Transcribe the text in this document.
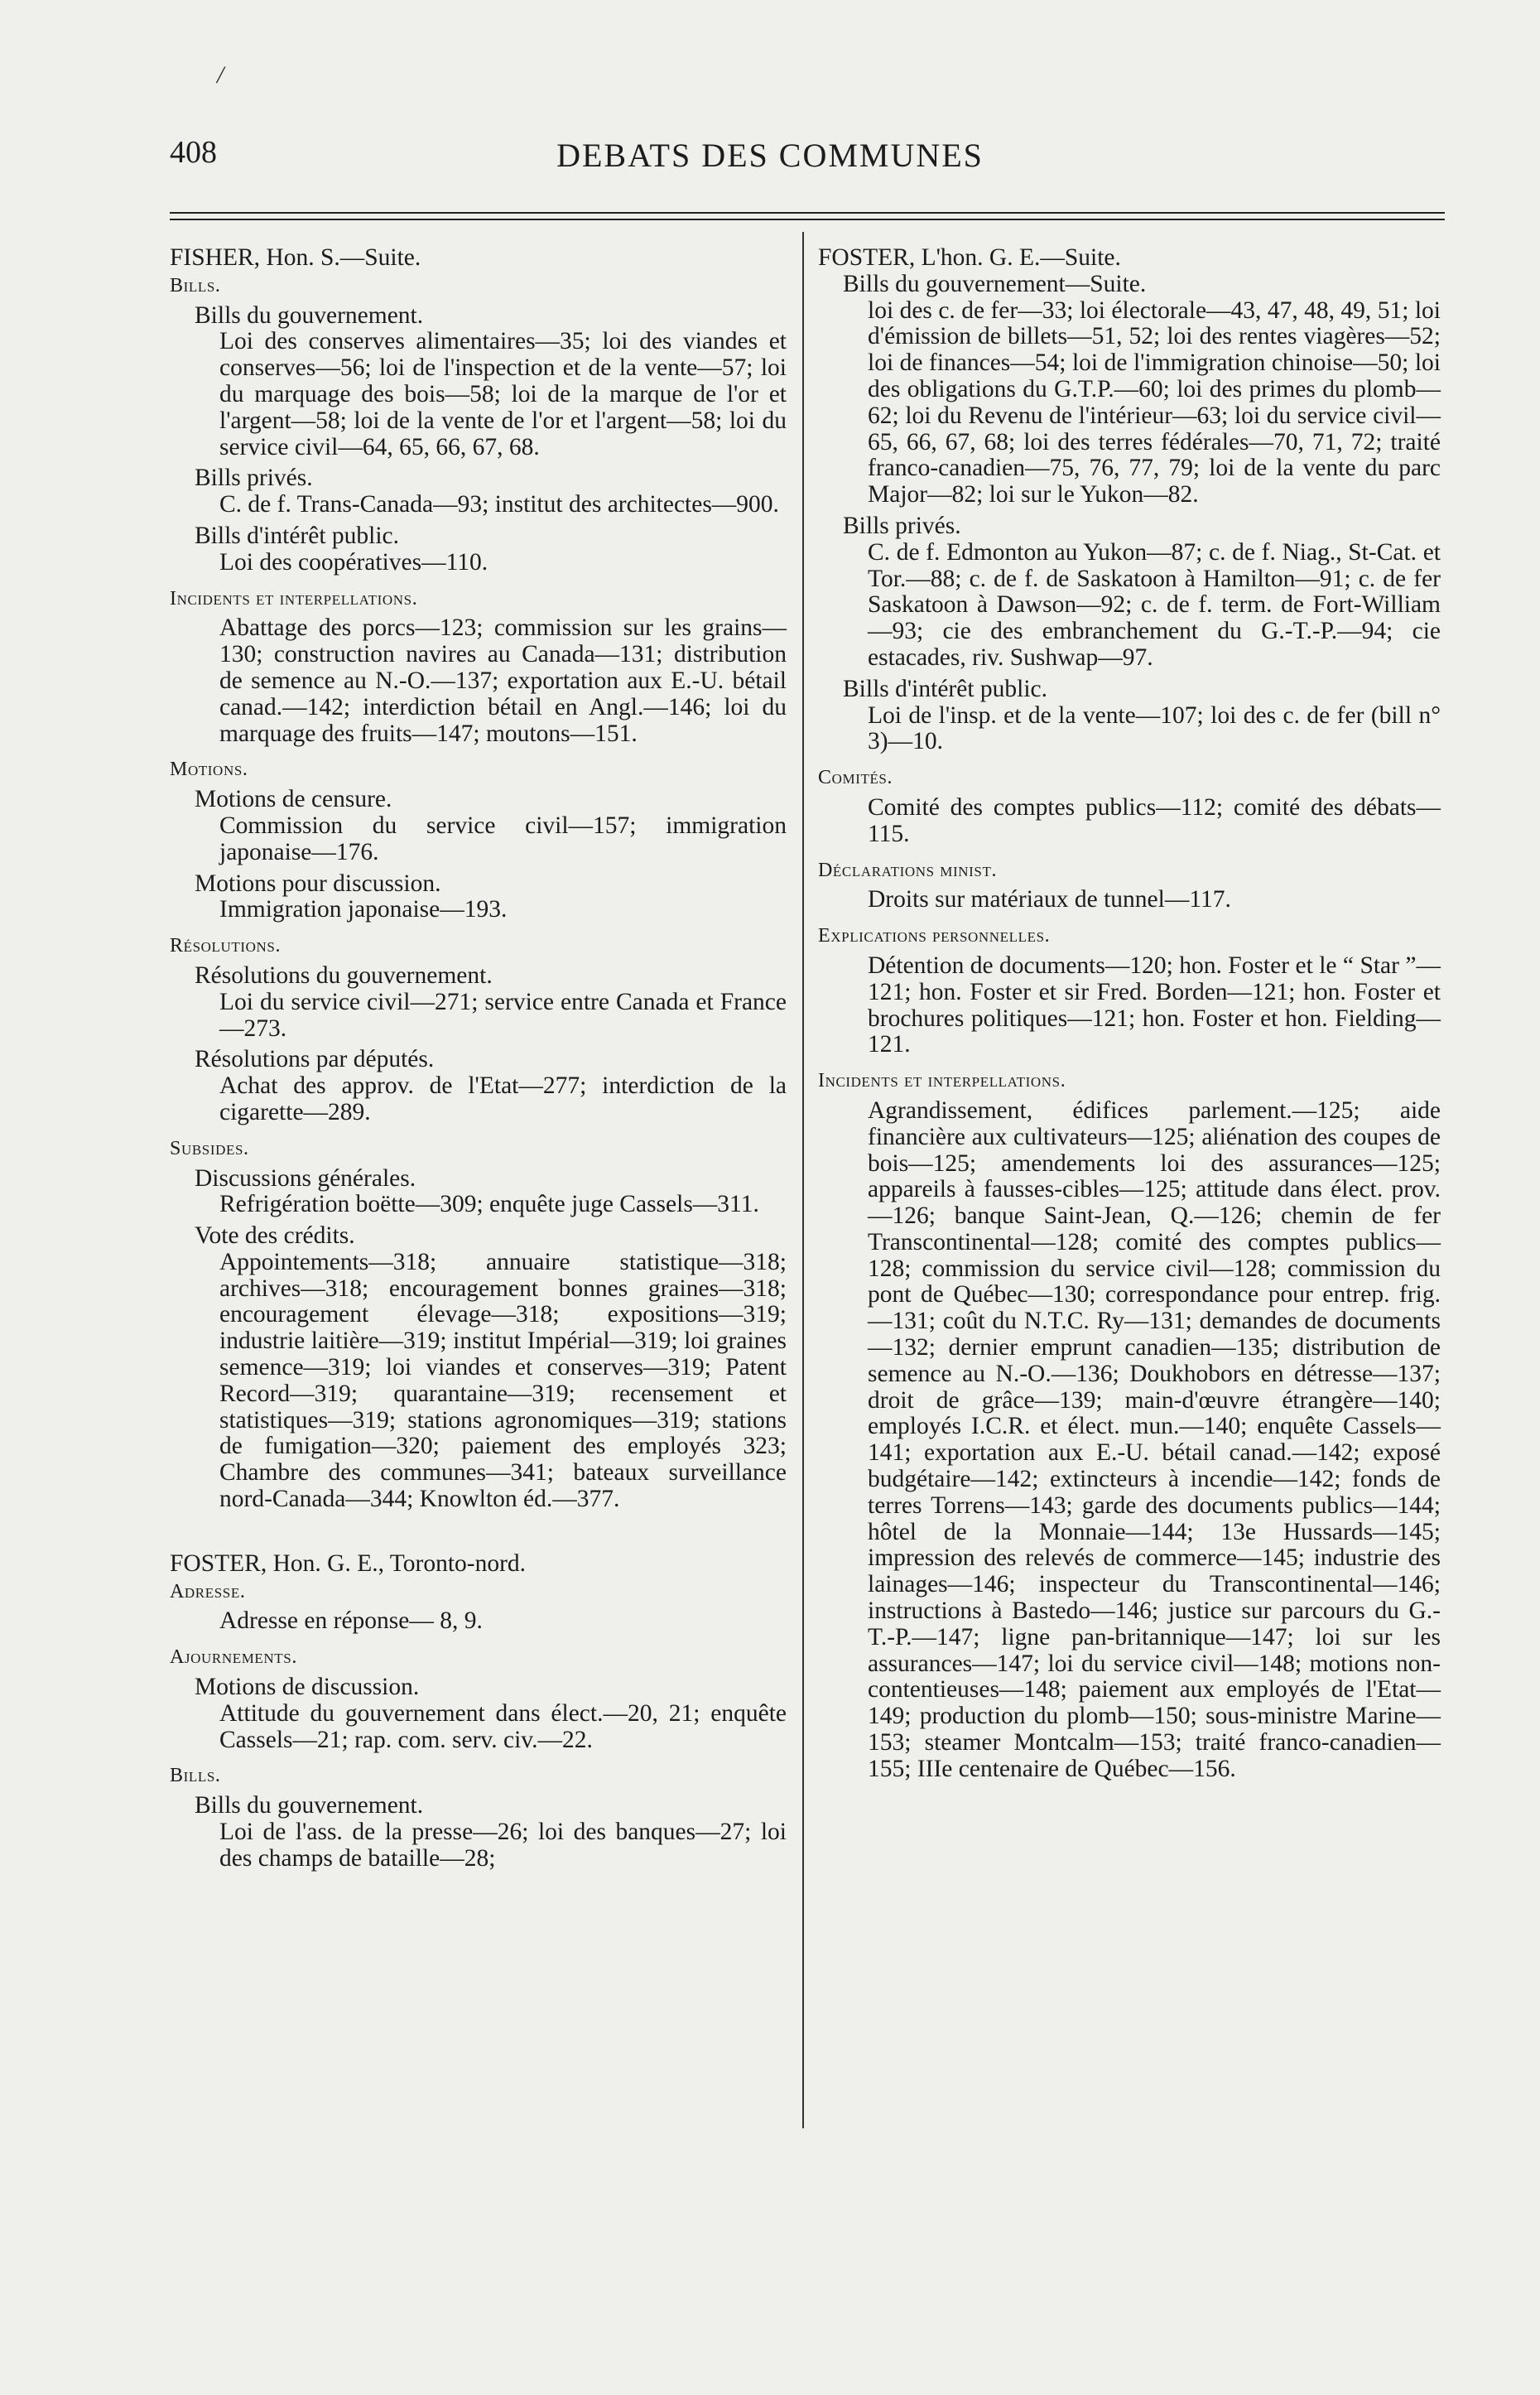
/
408	DEBATS DES COMMUNES

FISHER, Hon. S.—Suite.

Bills.

Bills du gouvernement.

Loi des conserves alimentaires—35; loi des viandes et conserves—56; loi de l'inspection et de la vente—57; loi du marquage des bois—58; loi de la marque de l'or et l'argent—58; loi de la vente de l'or et l'argent—58; loi du service civil—64, 65, 66, 67, 68.

Bills privés.

C. de f. Trans-Canada—93; institut des architectes—900.

Bills d'intérêt public.

Loi des coopératives—110.

Incidents et interpellations.

Abattage des porcs—123; commission sur les grains—130; construction navires au Canada—131; distribution de semence au N.-O.—137; exportation aux E.-U. bétail canad.—142; interdiction bétail en Angl.—146; loi du marquage des fruits—147; moutons—151.

Motions.

Motions de censure.

Commission du service civil—157; immigration japonaise—176.

Motions pour discussion.

Immigration japonaise—193.

Résolutions.

Résolutions du gouvernement.

Loi du service civil—271; service entre Canada et France—273.

Résolutions par députés.

Achat des approv. de l'Etat—277; interdiction de la cigarette—289.

Subsides.

Discussions générales.

Refrigération boëtte—309; enquête juge Cassels—311.

Vote des crédits.

Appointements—318; annuaire statistique—318; archives—318; encouragement bonnes graines—318; encouragement élevage—318; expositions—319; industrie laitière—319; institut Impérial—319; loi graines semence—319; loi viandes et conserves—319; Patent Record—319; quarantaine—319; recensement et statistiques—319; stations agronomiques—319; stations de fumigation—320; paiement des employés 323; Chambre des communes—341; bateaux surveillance nord-Canada—344; Knowlton éd.—377.

FOSTER, Hon. G. E., Toronto-nord.

Adresse.

Adresse en réponse— 8, 9.

Ajournements.

Motions de discussion.

Attitude du gouvernement dans élect.—20, 21; enquête Cassels—21; rap. com. serv. civ.—22.

Bills.

Bills du gouvernement.

Loi de l'ass. de la presse—26; loi des banques—27; loi des champs de bataille—28;

FOSTER, L'hon. G. E.—Suite.

Bills du gouvernement—Suite.

loi des c. de fer—33; loi électorale—43, 47, 48, 49, 51; loi d'émission de billets—51, 52; loi des rentes viagères—52; loi de finances—54; loi de l'immigration chinoise—50; loi des obligations du G.T.P.—60; loi des primes du plomb—62; loi du Revenu de l'intérieur—63; loi du service civil—65, 66, 67, 68; loi des terres fédérales—70, 71, 72; traité franco-canadien—75, 76, 77, 79; loi de la vente du parc Major—82; loi sur le Yukon—82.

Bills privés.

C. de f. Edmonton au Yukon—87; c. de f. Niag., St-Cat. et Tor.—88; c. de f. de Saskatoon à Hamilton—91; c. de fer Saskatoon à Dawson—92; c. de f. term. de Fort-William—93; cie des embranchement du G.-T.-P.—94; cie estacades, riv. Sushwap—97.

Bills d'intérêt public.

Loi de l'insp. et de la vente—107; loi des c. de fer (bill n° 3)—10.

Comités.

Comité des comptes publics—112; comité des débats—115.

Déclarations minist.

Droits sur matériaux de tunnel—117.

Explications personnelles.

Détention de documents—120; hon. Foster et le “ Star ”—121; hon. Foster et sir Fred. Borden—121; hon. Foster et brochures politiques—121; hon. Foster et hon. Fielding—121.

Incidents et interpellations.

Agrandissement, édifices parlement.—125; aide financière aux cultivateurs—125; aliénation des coupes de bois—125; amendements loi des assurances—125; appareils à fausses-cibles—125; attitude dans élect. prov.—126; banque Saint-Jean, Q.—126; chemin de fer Transcontinental—128; comité des comptes publics—128; commission du service civil—128; commission du pont de Québec—130; correspondance pour entrep. frig.—131; coût du N.T.C. Ry—131; demandes de documents—132; dernier emprunt canadien—135; distribution de semence au N.-O.—136; Doukhobors en détresse—137; droit de grâce—139; main-d'œuvre étrangère—140; employés I.C.R. et élect. mun.—140; enquête Cassels—141; exportation aux E.-U. bétail canad.—142; exposé budgétaire—142; extincteurs à incendie—142; fonds de terres Torrens—143; garde des documents publics—144; hôtel de la Monnaie—144; 13e Hussards—145; impression des relevés de commerce—145; industrie des lainages—146; inspecteur du Transcontinental—146; instructions à Bastedo—146; justice sur parcours du G.-T.-P.—147; ligne pan-britannique—147; loi sur les assurances—147; loi du service civil—148; motions non-contentieuses—148; paiement aux employés de l'Etat—149; production du plomb—150; sous-ministre Marine—153; steamer Montcalm—153; traité franco-canadien—155; IIIe centenaire de Québec—156.
